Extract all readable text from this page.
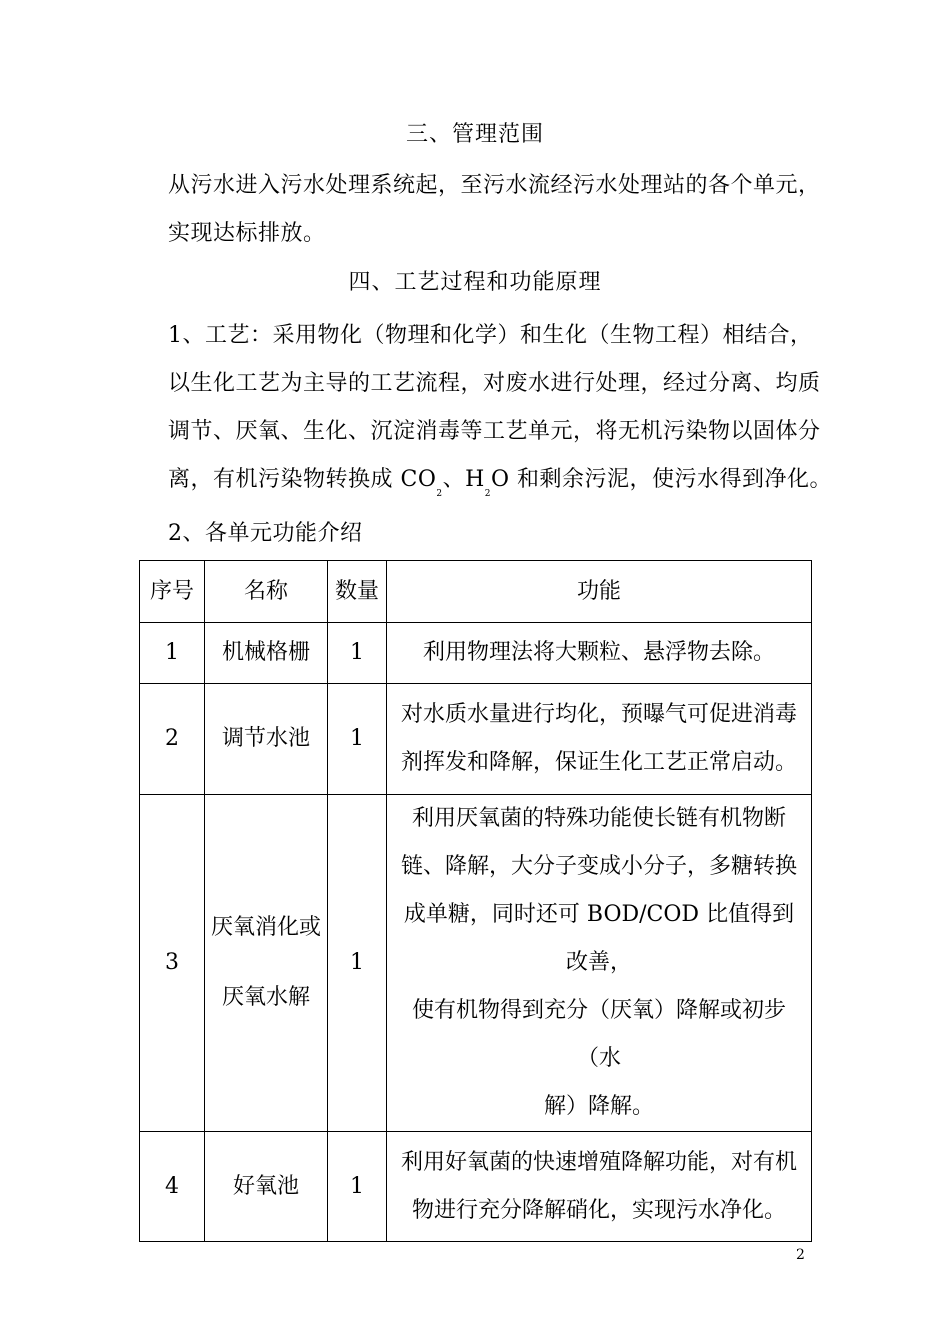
三、管理范围
从污水进入污水处理系统起，至污水流经污水处理站的各个单元，
实现达标排放。
四、工艺过程和功能原理
1、工艺：采用物化（物理和化学）和生化（生物工程）相结合，
以生化工艺为主导的工艺流程，对废水进行处理，经过分离、均质
调节、厌氧、生化、沉淀消毒等工艺单元，将无机污染物以固体分
离，有机污染物转换成 $CO_2$、$H_2O$ 和剩余污泥，使污水得到净化。
2、各单元功能介绍
序号	名称	数量	功能
1	机械格栅	1	利用物理法将大颗粒、悬浮物去除。

2	调节水池	1	对水质水量进行均化，预曝气可促进消毒
剂挥发和降解，保证生化工艺正常启动。

3	厌氧消化或
厌氧水解	1	利用厌氧菌的特殊功能使长链有机物断
链、降解，大分子变成小分子，多糖转换
成单糖，同时还可 BOD/COD 比值得到改善，
使有机物得到充分（厌氧）降解或初步（水
解）降解。

4	好氧池	1	利用好氧菌的快速增殖降解功能，对有机
物进行充分降解硝化，实现污水净化。
2
